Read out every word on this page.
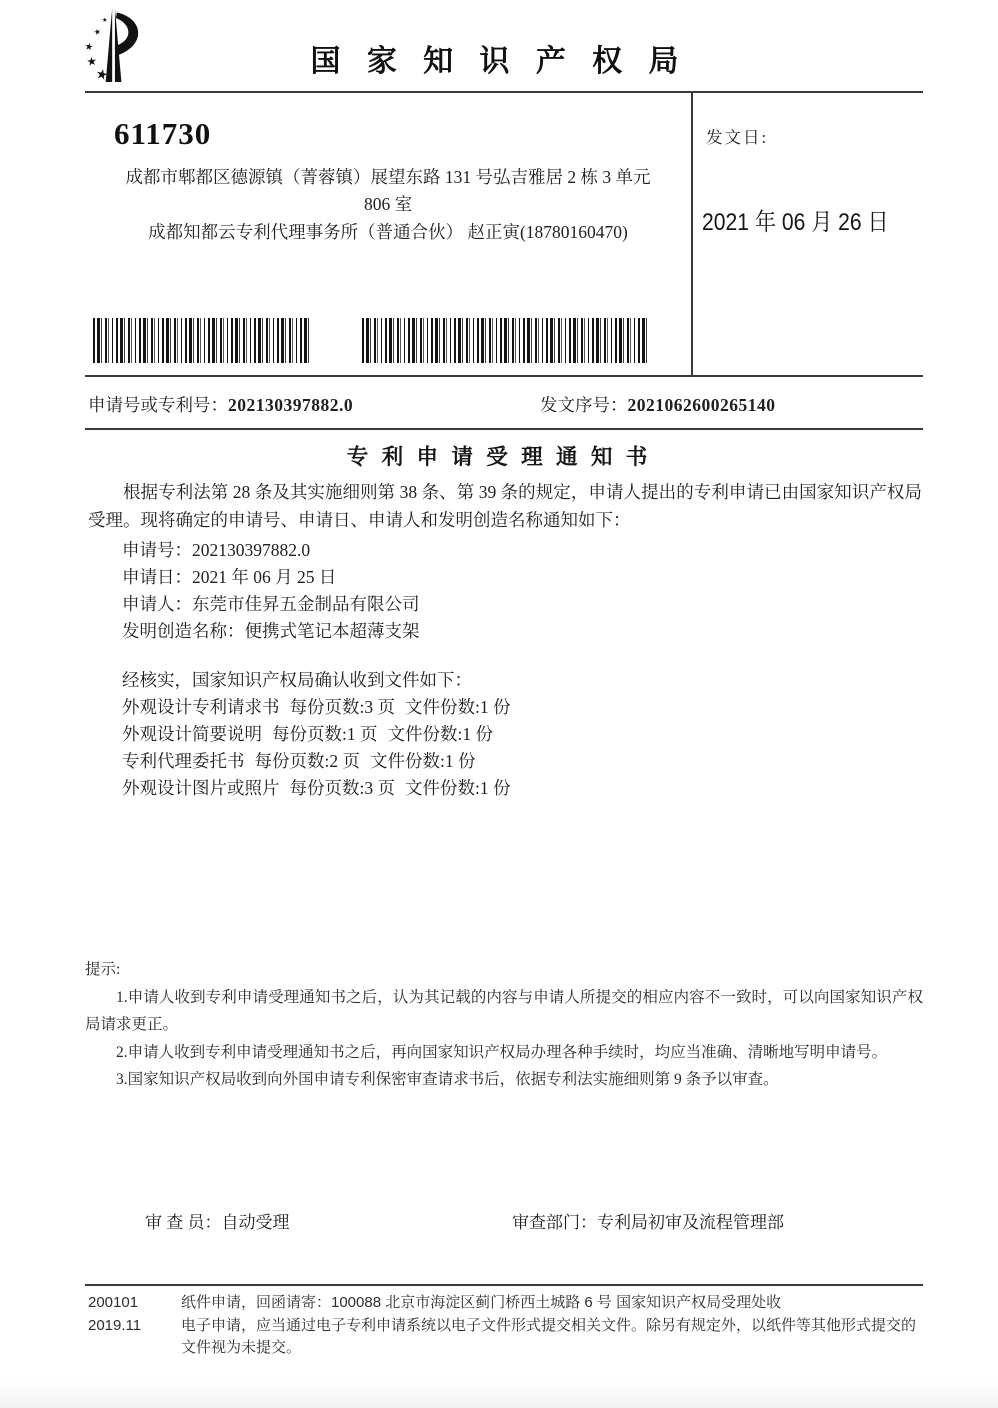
国 家 知 识 产 权 局
611730
成都市郫都区德源镇（菁蓉镇）展望东路 131 号弘吉雅居 2 栋 3 单元
806 室
成都知都云专利代理事务所（普通合伙） 赵正寅(18780160470)
发文日:
2021 年 06 月 26 日
申请号或专利号：202130397882.0	发文序号：2021062600265140
专 利 申 请 受 理 通 知 书
根据专利法第 28 条及其实施细则第 38 条、第 39 条的规定，申请人提出的专利申请已由国家知识产权局受理。现将确定的申请号、申请日、申请人和发明创造名称通知如下：
申请号：202130397882.0
申请日：2021 年 06 月 25 日
申请人：东莞市佳昇五金制品有限公司
发明创造名称：便携式笔记本超薄支架
经核实，国家知识产权局确认收到文件如下：
外观设计专利请求书 每份页数:3 页 文件份数:1 份
外观设计简要说明 每份页数:1 页 文件份数:1 份
专利代理委托书 每份页数:2 页 文件份数:1 份
外观设计图片或照片 每份页数:3 页 文件份数:1 份
提示:
1.申请人收到专利申请受理通知书之后，认为其记载的内容与申请人所提交的相应内容不一致时，可以向国家知识产权局请求更正。
2.申请人收到专利申请受理通知书之后，再向国家知识产权局办理各种手续时，均应当准确、清晰地写明申请号。
3.国家知识产权局收到向外国申请专利保密审查请求书后，依据专利法实施细则第 9 条予以审查。
审 查 员：自动受理	审查部门：专利局初审及流程管理部
200101	纸件申请，回函请寄：100088 北京市海淀区蓟门桥西土城路 6 号 国家知识产权局受理处收
2019.11	电子申请，应当通过电子专利申请系统以电子文件形式提交相关文件。除另有规定外，以纸件等其他形式提交的文件视为未提交。
